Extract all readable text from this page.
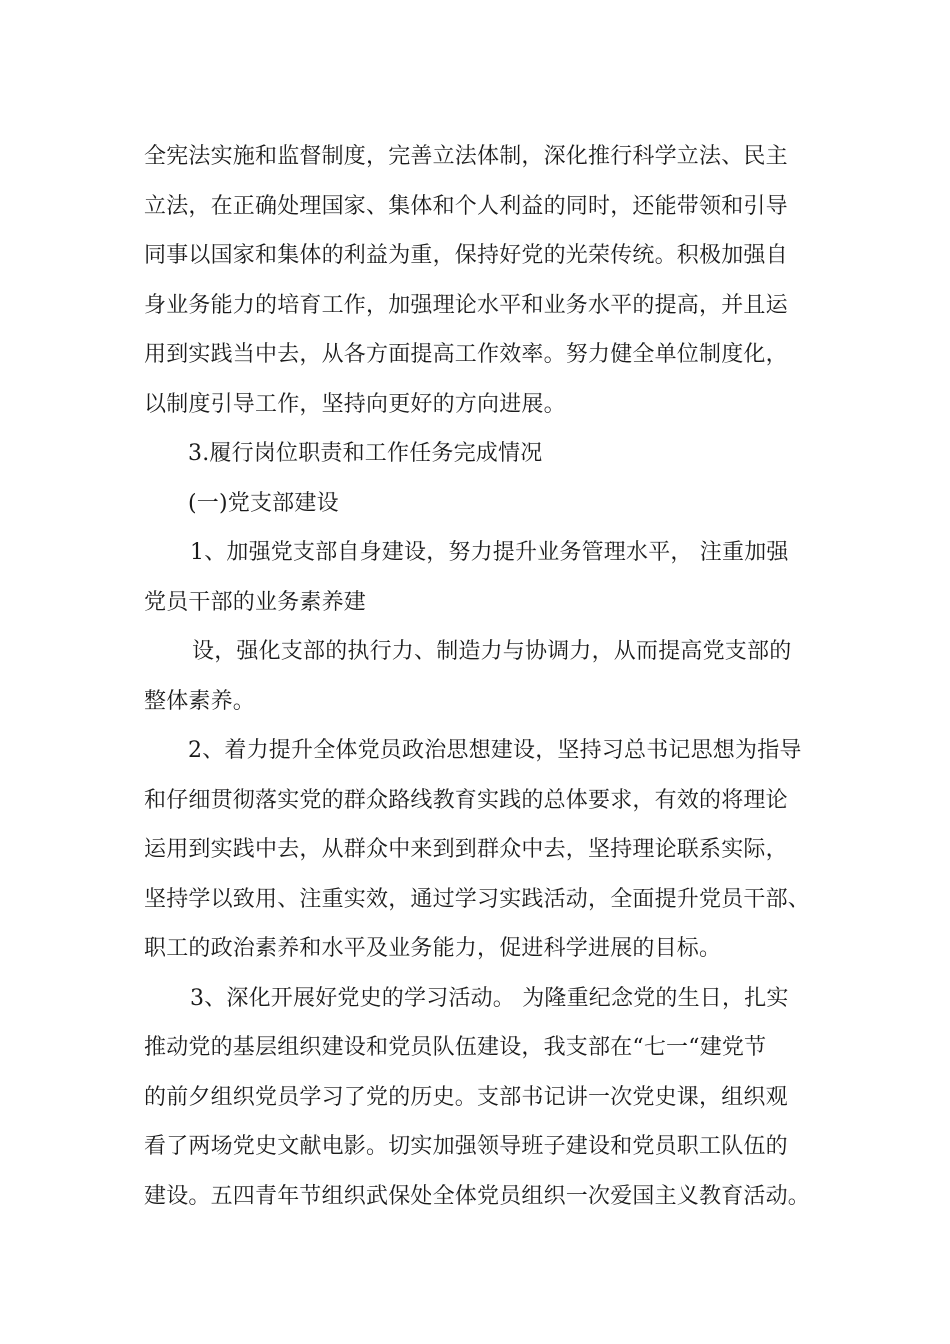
全宪法实施和监督制度，完善立法体制，深化推行科学立法、民主
立法，在正确处理国家、集体和个人利益的同时，还能带领和引导
同事以国家和集体的利益为重，保持好党的光荣传统。积极加强自
身业务能力的培育工作，加强理论水平和业务水平的提高，并且运
用到实践当中去，从各方面提高工作效率。努力健全单位制度化，
以制度引导工作，坚持向更好的方向进展。
3.履行岗位职责和工作任务完成情况
(一)党支部建设
1、加强党支部自身建设，努力提升业务管理水平， 注重加强
党员干部的业务素养建
设，强化支部的执行力、制造力与协调力，从而提高党支部的
整体素养。
2、着力提升全体党员政治思想建设，坚持习总书记思想为指导
和仔细贯彻落实党的群众路线教育实践的总体要求，有效的将理论
运用到实践中去，从群众中来到到群众中去，坚持理论联系实际，
坚持学以致用、注重实效，通过学习实践活动，全面提升党员干部、
职工的政治素养和水平及业务能力，促进科学进展的目标。
3、深化开展好党史的学习活动。 为隆重纪念党的生日，扎实
推动党的基层组织建设和党员队伍建设，我支部在“七一“建党节
的前夕组织党员学习了党的历史。支部书记讲一次党史课，组织观
看了两场党史文献电影。切实加强领导班子建设和党员职工队伍的
建设。五四青年节组织武保处全体党员组织一次爱国主义教育活动。
